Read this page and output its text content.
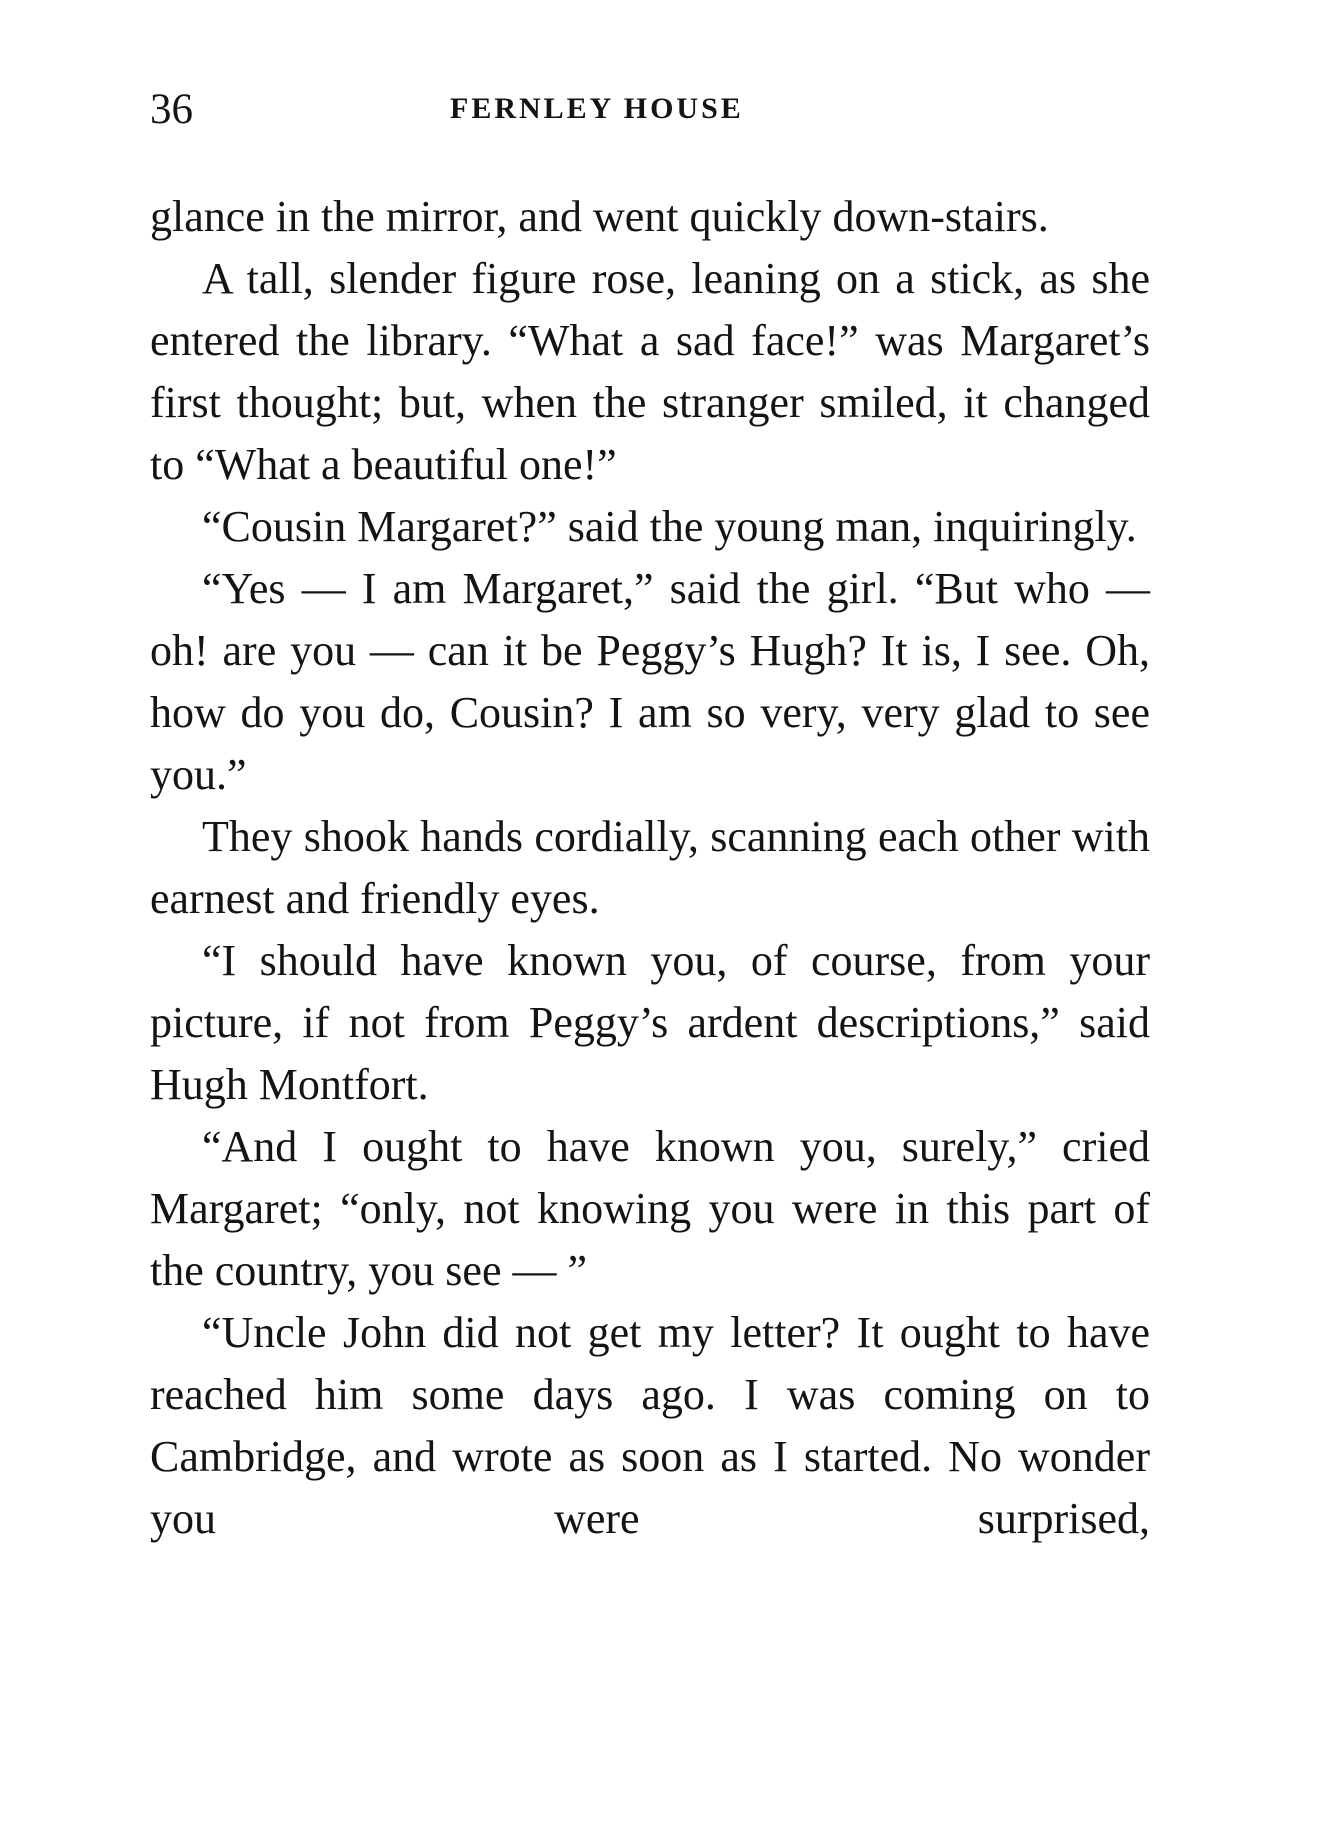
36	FERNLEY HOUSE

glance in the mirror, and went quickly down-stairs.

A tall, slender figure rose, leaning on a stick, as she entered the library. “What a sad face!” was Margaret’s first thought; but, when the stranger smiled, it changed to “What a beautiful one!”

“Cousin Margaret?” said the young man, inquiringly.

“Yes — I am Margaret,” said the girl. “But who — oh! are you — can it be Peggy’s Hugh? It is, I see. Oh, how do you do, Cousin? I am so very, very glad to see you.”

They shook hands cordially, scanning each other with earnest and friendly eyes.

“I should have known you, of course, from your picture, if not from Peggy’s ardent descriptions,” said Hugh Montfort.

“And I ought to have known you, surely,” cried Margaret; “only, not knowing you were in this part of the country, you see — ”

“Uncle John did not get my letter? It ought to have reached him some days ago. I was coming on to Cambridge, and wrote as soon as I started. No wonder you were surprised,
